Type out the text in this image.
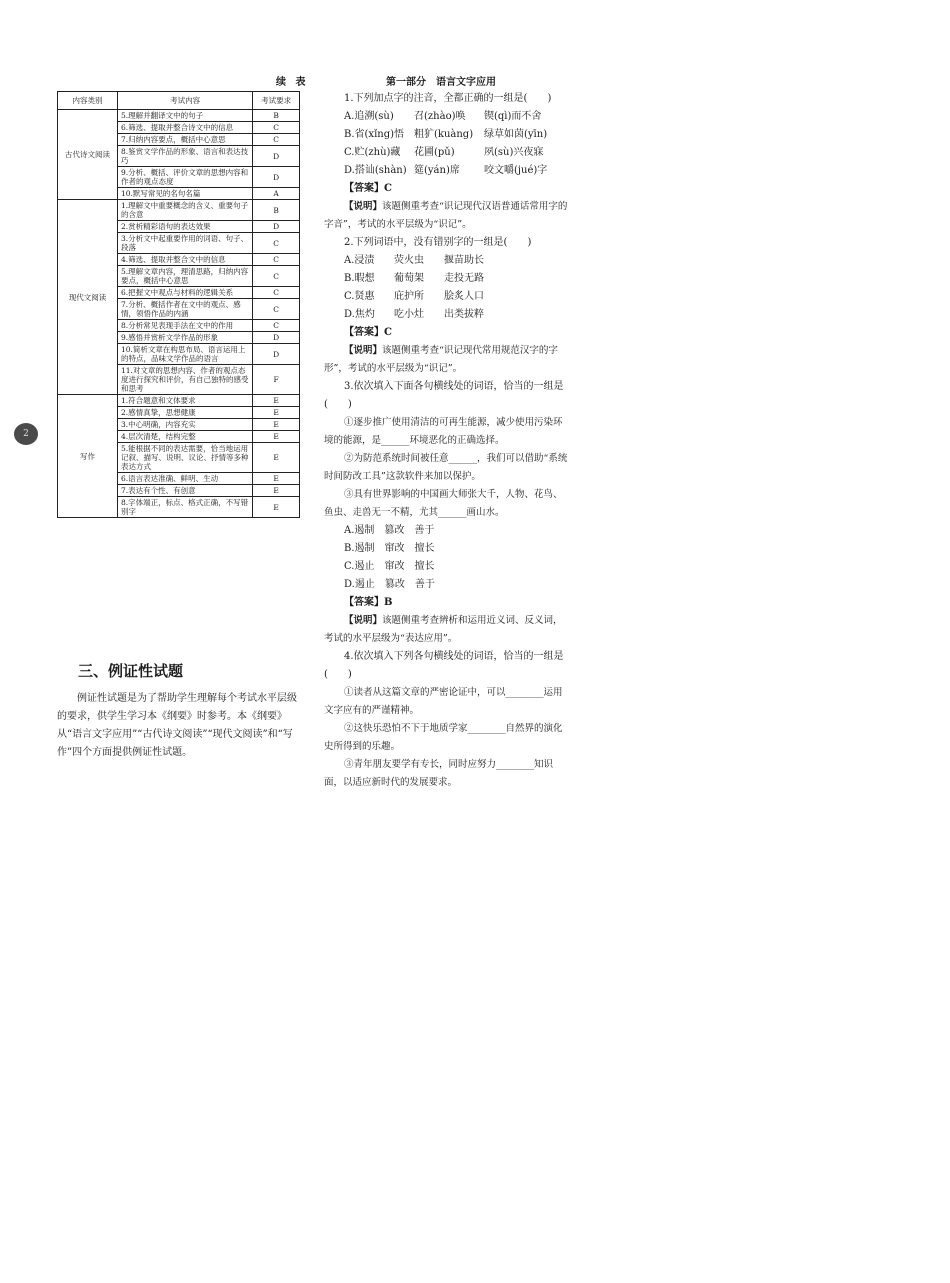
续 表
内容类别	考试内容	考试要求
古代诗文阅读	5.理解并翻译文中的句子	B
	6.筛选、提取并整合诗文中的信息	C
	7.归纳内容要点，概括中心意思	C
	8.鉴赏文学作品的形象、语言和表达技巧	D
	9.分析、概括、评价文章的思想内容和作者的观点态度	D
	10.默写常见的名句名篇	A
现代文阅读	1.理解文中重要概念的含义、重要句子的含意	B
	2.赏析精彩语句的表达效果	D
	3.分析文中起重要作用的词语、句子、段落	C
	4.筛选、提取并整合文中的信息	C
	5.理解文章内容，理清思路，归纳内容要点，概括中心意思	C
	6.把握文中观点与材料的逻辑关系	C
	7.分析、概括作者在文中的观点、感情，领悟作品的内涵	C
	8.分析常见表现手法在文中的作用	C
	9.感悟并赏析文学作品的形象	D
	10.简析文章在构思布局、语言运用上的特点，品味文学作品的语言	D
	11.对文章的思想内容、作者的观点态度进行探究和评价，有自己独特的感受和思考	F
写作	1.符合题意和文体要求	E
	2.感情真挚，思想健康	E
	3.中心明确，内容充实	E
	4.层次清楚，结构完整	E
	5.能根据不同的表达需要，恰当地运用记叙、描写、说明、议论、抒情等多种表达方式	E
	6.语言表达准确、鲜明、生动	E
	7.表达有个性、有创意	E
	8.字体端正，标点、格式正确，不写错别字	E
2
三、例证性试题

例证性试题是为了帮助学生理解每个考试水平层级的要求，供学生学习本《纲要》时参考。本《纲要》从“语言文字应用”“古代诗文阅读”“现代文阅读”和“写作”四个方面提供例证性试题。

第一部分　语言文字应用

1.下列加点字的注音，全都正确的一组是(　　)

A.追溯(sù) 召(zhào)唤 锲(qì)而不舍

B.省(xǐng)悟 粗犷(kuàng) 绿草如茵(yīn)

C.贮(zhù)藏 花圃(pǔ)	夙(sù)兴夜寐

D.搭讪(shàn) 筵(yán)席 咬文嚼(jué)字

【答案】C

【说明】该题侧重考查“识记现代汉语普通话常用字的字音”，考试的水平层级为“识记”。

2.下列词语中，没有错别字的一组是(　　)

A.浸渍　 荧火虫　 揠苗助长

B.暇想　 葡萄架　 走投无路

C.贤惠　 庇护所　 脍炙人口

D.焦灼　 吃小灶　 出类拔粹

【答案】C

【说明】该题侧重考查“识记现代常用规范汉字的字形”，考试的水平层级为“识记”。

3.依次填入下面各句横线处的词语，恰当的一组是(　　)

①逐步推广使用清洁的可再生能源，减少使用污染环境的能源，是______环境恶化的正确选择。

②为防范系统时间被任意______，我们可以借助“系统时间防改工具”这款软件来加以保护。

③具有世界影响的中国画大师张大千，人物、花鸟、鱼虫、走兽无一不精，尤其______画山水。

A.遏制　 篡改　 善于

B.遏制　 窜改　 擅长

C.遏止　 窜改　 擅长

D.遏止　 篡改　 善于

【答案】B

【说明】该题侧重考查辨析和运用近义词、反义词，考试的水平层级为“表达应用”。

4.依次填入下列各句横线处的词语，恰当的一组是(　　)

①读者从这篇文章的严密论证中，可以________运用文字应有的严谨精神。

②这快乐恐怕不下于地质学家________自然界的演化史所得到的乐趣。

③青年朋友要学有专长，同时应努力________知识面，以适应新时代的发展要求。
